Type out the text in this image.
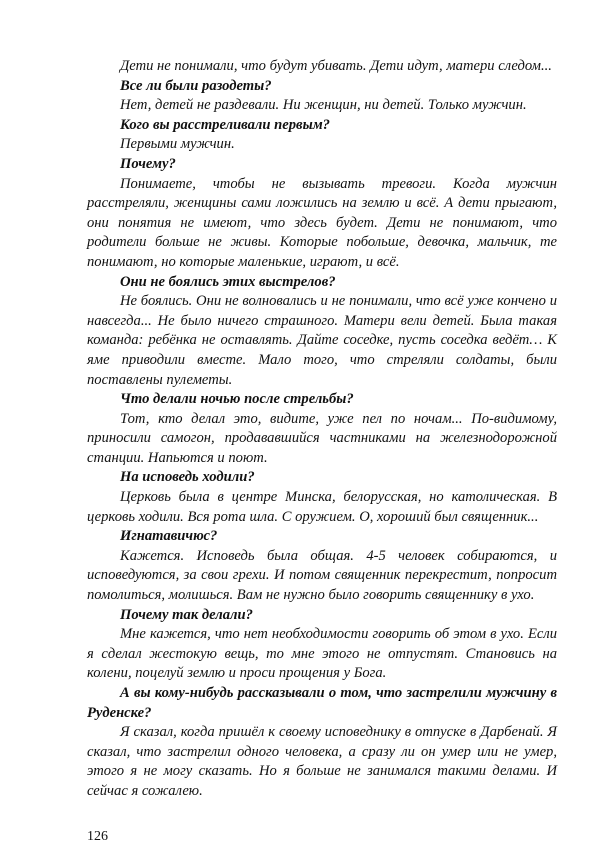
Дети не понимали, что будут убивать. Дети идут, матери следом...

Все ли были разодеты?

Нет, детей не раздевали. Ни женщин, ни детей. Только мужчин.

Кого вы расстреливали первым?

Первыми мужчин.

Почему?

Понимаете, чтобы не вызывать тревоги. Когда мужчин расстреляли, женщины сами ложились на землю и всё. А дети прыгают, они понятия не имеют, что здесь будет. Дети не понимают, что родители больше не живы. Которые побольше, девочка, мальчик, те понимают, но которые маленькие, играют, и всё.

Они не боялись этих выстрелов?

Не боялись. Они не волновались и не понимали, что всё уже кончено и навсегда... Не было ничего страшного. Матери вели детей. Была такая команда: ребёнка не оставлять. Дайте соседке, пусть соседка ведёт… К яме приводили вместе. Мало того, что стреляли солдаты, были поставлены пулеметы.

Что делали ночью после стрельбы?

Тот, кто делал это, видите, уже пел по ночам... По-видимому, приносили самогон, продававшийся частниками на железнодорожной станции. Напьются и поют.

На исповедь ходили?

Церковь была в центре Минска, белорусская, но католическая. В церковь ходили. Вся рота шла. С оружием. О, хороший был священник...

Игнатавичюс?

Кажется. Исповедь была общая. 4-5 человек собираются, и исповедуются, за свои грехи. И потом священник перекрестит, попросит помолиться, молишься. Вам не нужно было говорить священнику в ухо.

Почему так делали?

Мне кажется, что нет необходимости говорить об этом в ухо. Если я сделал жестокую вещь, то мне этого не отпустят. Становись на колени, поцелуй землю и проси прощения у Бога.

А вы кому-нибудь рассказывали о том, что застрелили мужчину в Руденске?

Я сказал, когда пришёл к своему исповеднику в отпуске в Дарбенай. Я сказал, что застрелил одного человека, а сразу ли он умер или не умер, этого я не могу сказать. Но я больше не занимался такими делами. И сейчас я сожалею.

126
